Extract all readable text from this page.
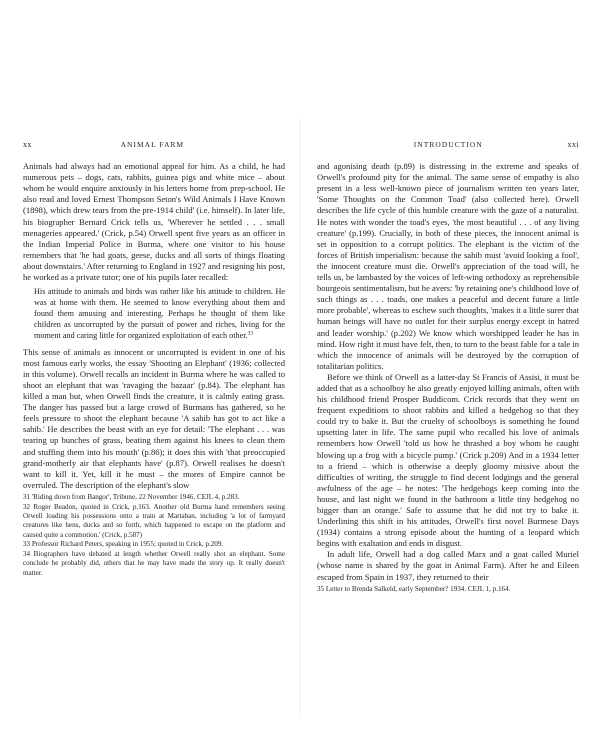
xx	ANIMAL FARM

Animals had always had an emotional appeal for him. As a child, he had numerous pets – dogs, cats, rabbits, guinea pigs and white mice – about whom he would enquire anxiously in his letters home from prep-school. He also read and loved Ernest Thompson Seton's Wild Animals I Have Known (1898), which drew tears from the pre-1914 child' (i.e. himself). In later life, his biographer Bernard Crick tells us, 'Wherever he settled . . . small menageries appeared.' (Crick, p.54) Orwell spent five years as an officer in the Indian Imperial Police in Burma, where one visitor to his house remembers that 'he had goats, geese, ducks and all sorts of things floating about downstairs.' After returning to England in 1927 and resigning his post, he worked as a private tutor; one of his pupils later recalled:

His attitude to animals and birds was rather like his attitude to children. He was at home with them. He seemed to know everything about them and found them amusing and interesting. Perhaps he thought of them like children as uncorrupted by the pursuit of power and riches, living for the moment and caring little for organized exploitation of each other.$^{33}$

This sense of animals as innocent or uncorrupted is evident in one of his most famous early works, the essay 'Shooting an Elephant' (1936; collected in this volume). Orwell recalls an incident in Burma where he was called to shoot an elephant that was 'ravaging the bazaar' (p.84). The elephant has killed a man but, when Orwell finds the creature, it is calmly eating grass. The danger has passed but a large crowd of Burmans has gathered, so he feels pressure to shoot the elephant because 'A sahib has got to act like a sahib.' He describes the beast with an eye for detail: 'The elephant . . . was tearing up bunches of grass, beating them against his knees to clean them and stuffing them into his mouth' (p.86); it does this with 'that preoccupied grand-motherly air that elephants have' (p.87). Orwell realises he doesn't want to kill it. Yet, kill it he must – the mores of Empire cannot be overruled. The description of the elephant's slow

31 'Riding down from Bangor', Tribune, 22 November 1946. CEJL 4, p.283.

32 Roger Beadon, quoted in Crick, p.163. Another old Burma hand remembers seeing Orwell loading his possessions onto a train at Martaban, including 'a lot of farmyard creatures like hens, ducks and so forth, which happened to escape on the platform and caused quite a commotion.' (Crick, p.587)

33 Professor Richard Peters, speaking in 1955; quoted in Crick, p.209.

34 Biographers have debated at length whether Orwell really shot an elephant. Some conclude he probably did, others that he may have made the story up. It really doesn't matter.

INTRODUCTION	xxi

and agonising death (p.89) is distressing in the extreme and speaks of Orwell's profound pity for the animal. The same sense of empathy is also present in a less well-known piece of journalism written ten years later, 'Some Thoughts on the Common Toad' (also collected here). Orwell describes the life cycle of this humble creature with the gaze of a naturalist. He notes with wonder the toad's eyes, 'the most beautiful . . . of any living creature' (p.199). Crucially, in both of these pieces, the innocent animal is set in opposition to a corrupt politics. The elephant is the victim of the forces of British imperialism: because the sahib must 'avoid looking a fool', the innocent creature must die. Orwell's appreciation of the toad will, he tells us, be lambasted by the voices of left-wing orthodoxy as reprehensible bourgeois sentimentalism, but he avers: 'by retaining one's childhood love of such things as . . . toads, one makes a peaceful and decent future a little more probable', whereas to eschew such thoughts, 'makes it a little surer that human beings will have no outlet for their surplus energy except in hatred and leader worship.' (p.202) We know which worshipped leader he has in mind. How right it must have felt, then, to turn to the beast fable for a tale in which the innocence of animals will be destroyed by the corruption of totalitarian politics.

Before we think of Orwell as a latter-day St Francis of Assisi, it must be added that as a schoolboy he also greatly enjoyed killing animals, often with his childhood friend Prosper Buddicom. Crick records that they went on frequent expeditions to shoot rabbits and killed a hedgehog so that they could try to bake it. But the cruelty of schoolboys is something he found upsetting later in life. The same pupil who recalled his love of animals remembers how Orwell 'told us how he thrashed a boy whom he caught blowing up a frog with a bicycle pump.' (Crick p.209) And in a 1934 letter to a friend – which is otherwise a deeply gloomy missive about the difficulties of writing, the struggle to find decent lodgings and the general awfulness of the age – he notes: 'The hedgehogs keep coming into the house, and last night we found in the bathroom a little tiny hedgehog no bigger than an orange.' Safe to assume that he did not try to bake it. Underlining this shift in his attitudes, Orwell's first novel Burmese Days (1934) contains a strong episode about the hunting of a leopard which begins with exaltation and ends in disgust.

In adult life, Orwell had a dog called Marx and a goat called Muriel (whose name is shared by the goat in Animal Farm). After he and Eileen escaped from Spain in 1937, they returned to their

35 Letter to Brenda Salkeld, early September? 1934. CEJL 1, p.164.
